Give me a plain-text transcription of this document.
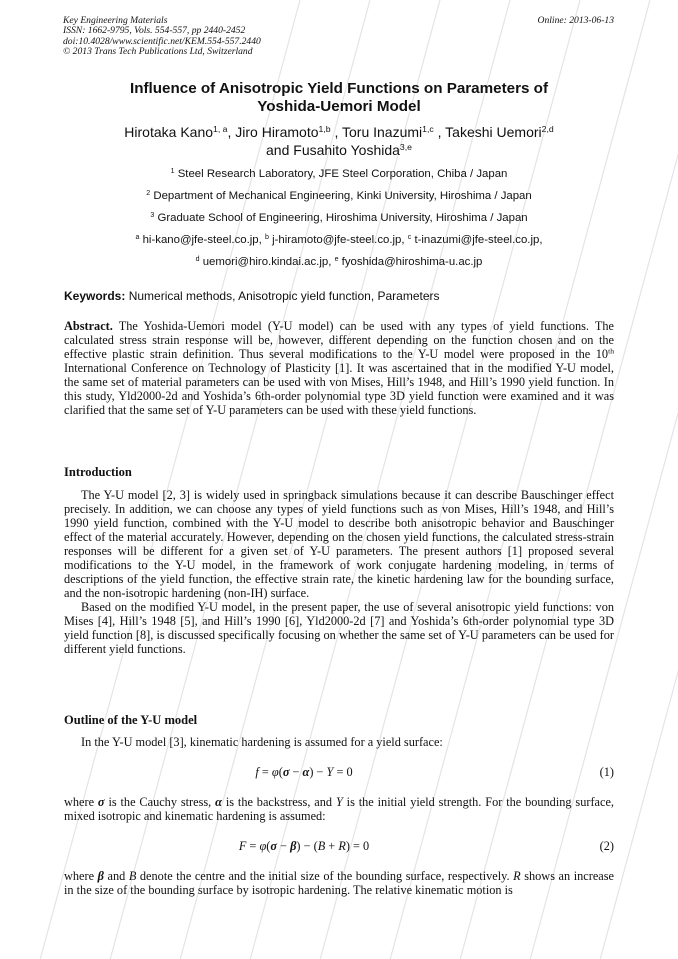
Key Engineering Materials
ISSN: 1662-9795, Vols. 554-557, pp 2440-2452
doi:10.4028/www.scientific.net/KEM.554-557.2440
© 2013 Trans Tech Publications Ltd, Switzerland
Online: 2013-06-13
Influence of Anisotropic Yield Functions on Parameters of
Yoshida-Uemori Model
Hirotaka Kano$^{1, a}$, Jiro Hiramoto$^{1,b}$ , Toru Inazumi$^{1,c}$ , Takeshi Uemori$^{2,d}$
and Fusahito Yoshida$^{3,e}$
$^1$ Steel Research Laboratory, JFE Steel Corporation, Chiba / Japan
$^2$ Department of Mechanical Engineering, Kinki University, Hiroshima / Japan
$^3$ Graduate School of Engineering, Hiroshima University, Hiroshima / Japan
$^a$ hi-kano@jfe-steel.co.jp, $^b$ j-hiramoto@jfe-steel.co.jp, $^c$ t-inazumi@jfe-steel.co.jp,
$^d$ uemori@hiro.kindai.ac.jp, $^e$ fyoshida@hiroshima-u.ac.jp
Keywords: Numerical methods, Anisotropic yield function, Parameters

Abstract. The Yoshida-Uemori model (Y-U model) can be used with any types of yield functions. The calculated stress strain response will be, however, different depending on the function chosen and on the effective plastic strain definition. Thus several modifications to the Y-U model were proposed in the 10th International Conference on Technology of Plasticity [1]. It was ascertained that in the modified Y-U model, the same set of material parameters can be used with von Mises, Hill’s 1948, and Hill’s 1990 yield function. In this study, Yld2000-2d and Yoshida’s 6th-order polynomial type 3D yield function were examined and it was clarified that the same set of Y-U parameters can be used with these yield functions.

Introduction

The Y-U model [2, 3] is widely used in springback simulations because it can describe Bauschinger effect precisely. In addition, we can choose any types of yield functions such as von Mises, Hill’s 1948, and Hill’s 1990 yield function, combined with the Y-U model to describe both anisotropic behavior and Bauschinger effect of the material accurately. However, depending on the chosen yield functions, the calculated stress-strain responses will be different for a given set of Y-U parameters. The present authors [1] proposed several modifications to the Y-U model, in the framework of work conjugate hardening modeling, in terms of descriptions of the yield function, the effective strain rate, the kinetic hardening law for the bounding surface, and the non-isotropic hardening (non-IH) surface.

Based on the modified Y-U model, in the present paper, the use of several anisotropic yield functions: von Mises [4], Hill’s 1948 [5], and Hill’s 1990 [6], Yld2000-2d [7] and Yoshida’s 6th-order polynomial type 3D yield function [8], is discussed specifically focusing on whether the same set of Y-U parameters can be used for different yield functions.

Outline of the Y-U model

In the Y-U model [3], kinematic hardening is assumed for a yield surface:

f = φ(σ − α) − Y = 0	(1)

where σ is the Cauchy stress, α is the backstress, and Y is the initial yield strength. For the bounding surface, mixed isotropic and kinematic hardening is assumed:

F = φ(σ − β) − (B + R) = 0	(2)

where β and B denote the centre and the initial size of the bounding surface, respectively. R shows an increase in the size of the bounding surface by isotropic hardening. The relative kinematic motion is
